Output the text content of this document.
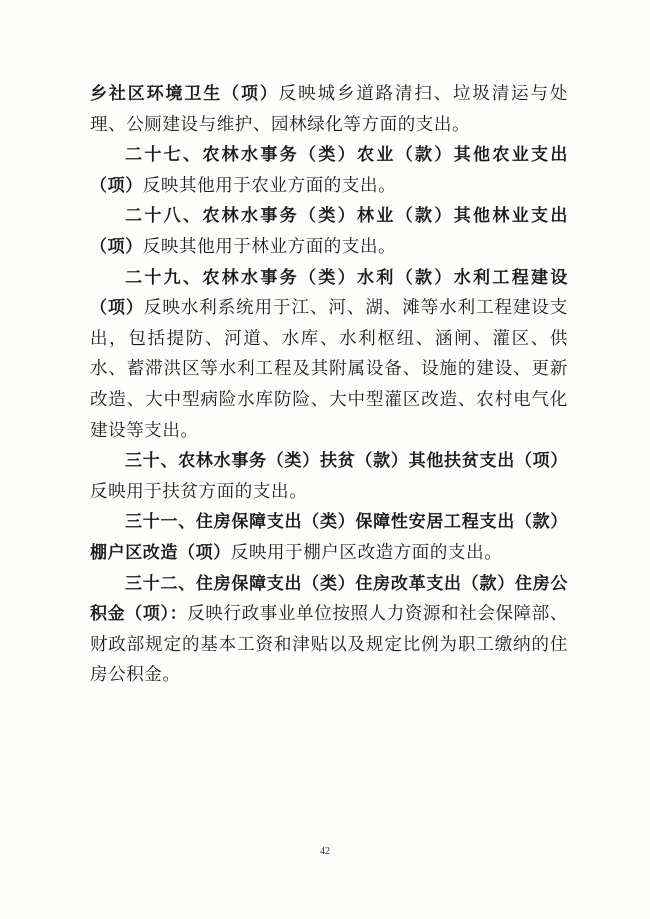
乡社区环境卫生（项）反映城乡道路清扫、垃圾清运与处理、公厕建设与维护、园林绿化等方面的支出。

二十七、农林水事务（类）农业（款）其他农业支出（项）反映其他用于农业方面的支出。

二十八、农林水事务（类）林业（款）其他林业支出（项）反映其他用于林业方面的支出。

二十九、农林水事务（类）水利（款）水利工程建设（项）反映水利系统用于江、河、湖、滩等水利工程建设支出，包括提防、河道、水库、水利枢纽、涵闸、灌区、供水、蓄滞洪区等水利工程及其附属设备、设施的建设、更新改造、大中型病险水库防险、大中型灌区改造、农村电气化建设等支出。

三十、农林水事务（类）扶贫（款）其他扶贫支出（项）反映用于扶贫方面的支出。

三十一、住房保障支出（类）保障性安居工程支出（款）棚户区改造（项）反映用于棚户区改造方面的支出。

三十二、住房保障支出（类）住房改革支出（款）住房公积金（项）：反映行政事业单位按照人力资源和社会保障部、财政部规定的基本工资和津贴以及规定比例为职工缴纳的住房公积金。

42
